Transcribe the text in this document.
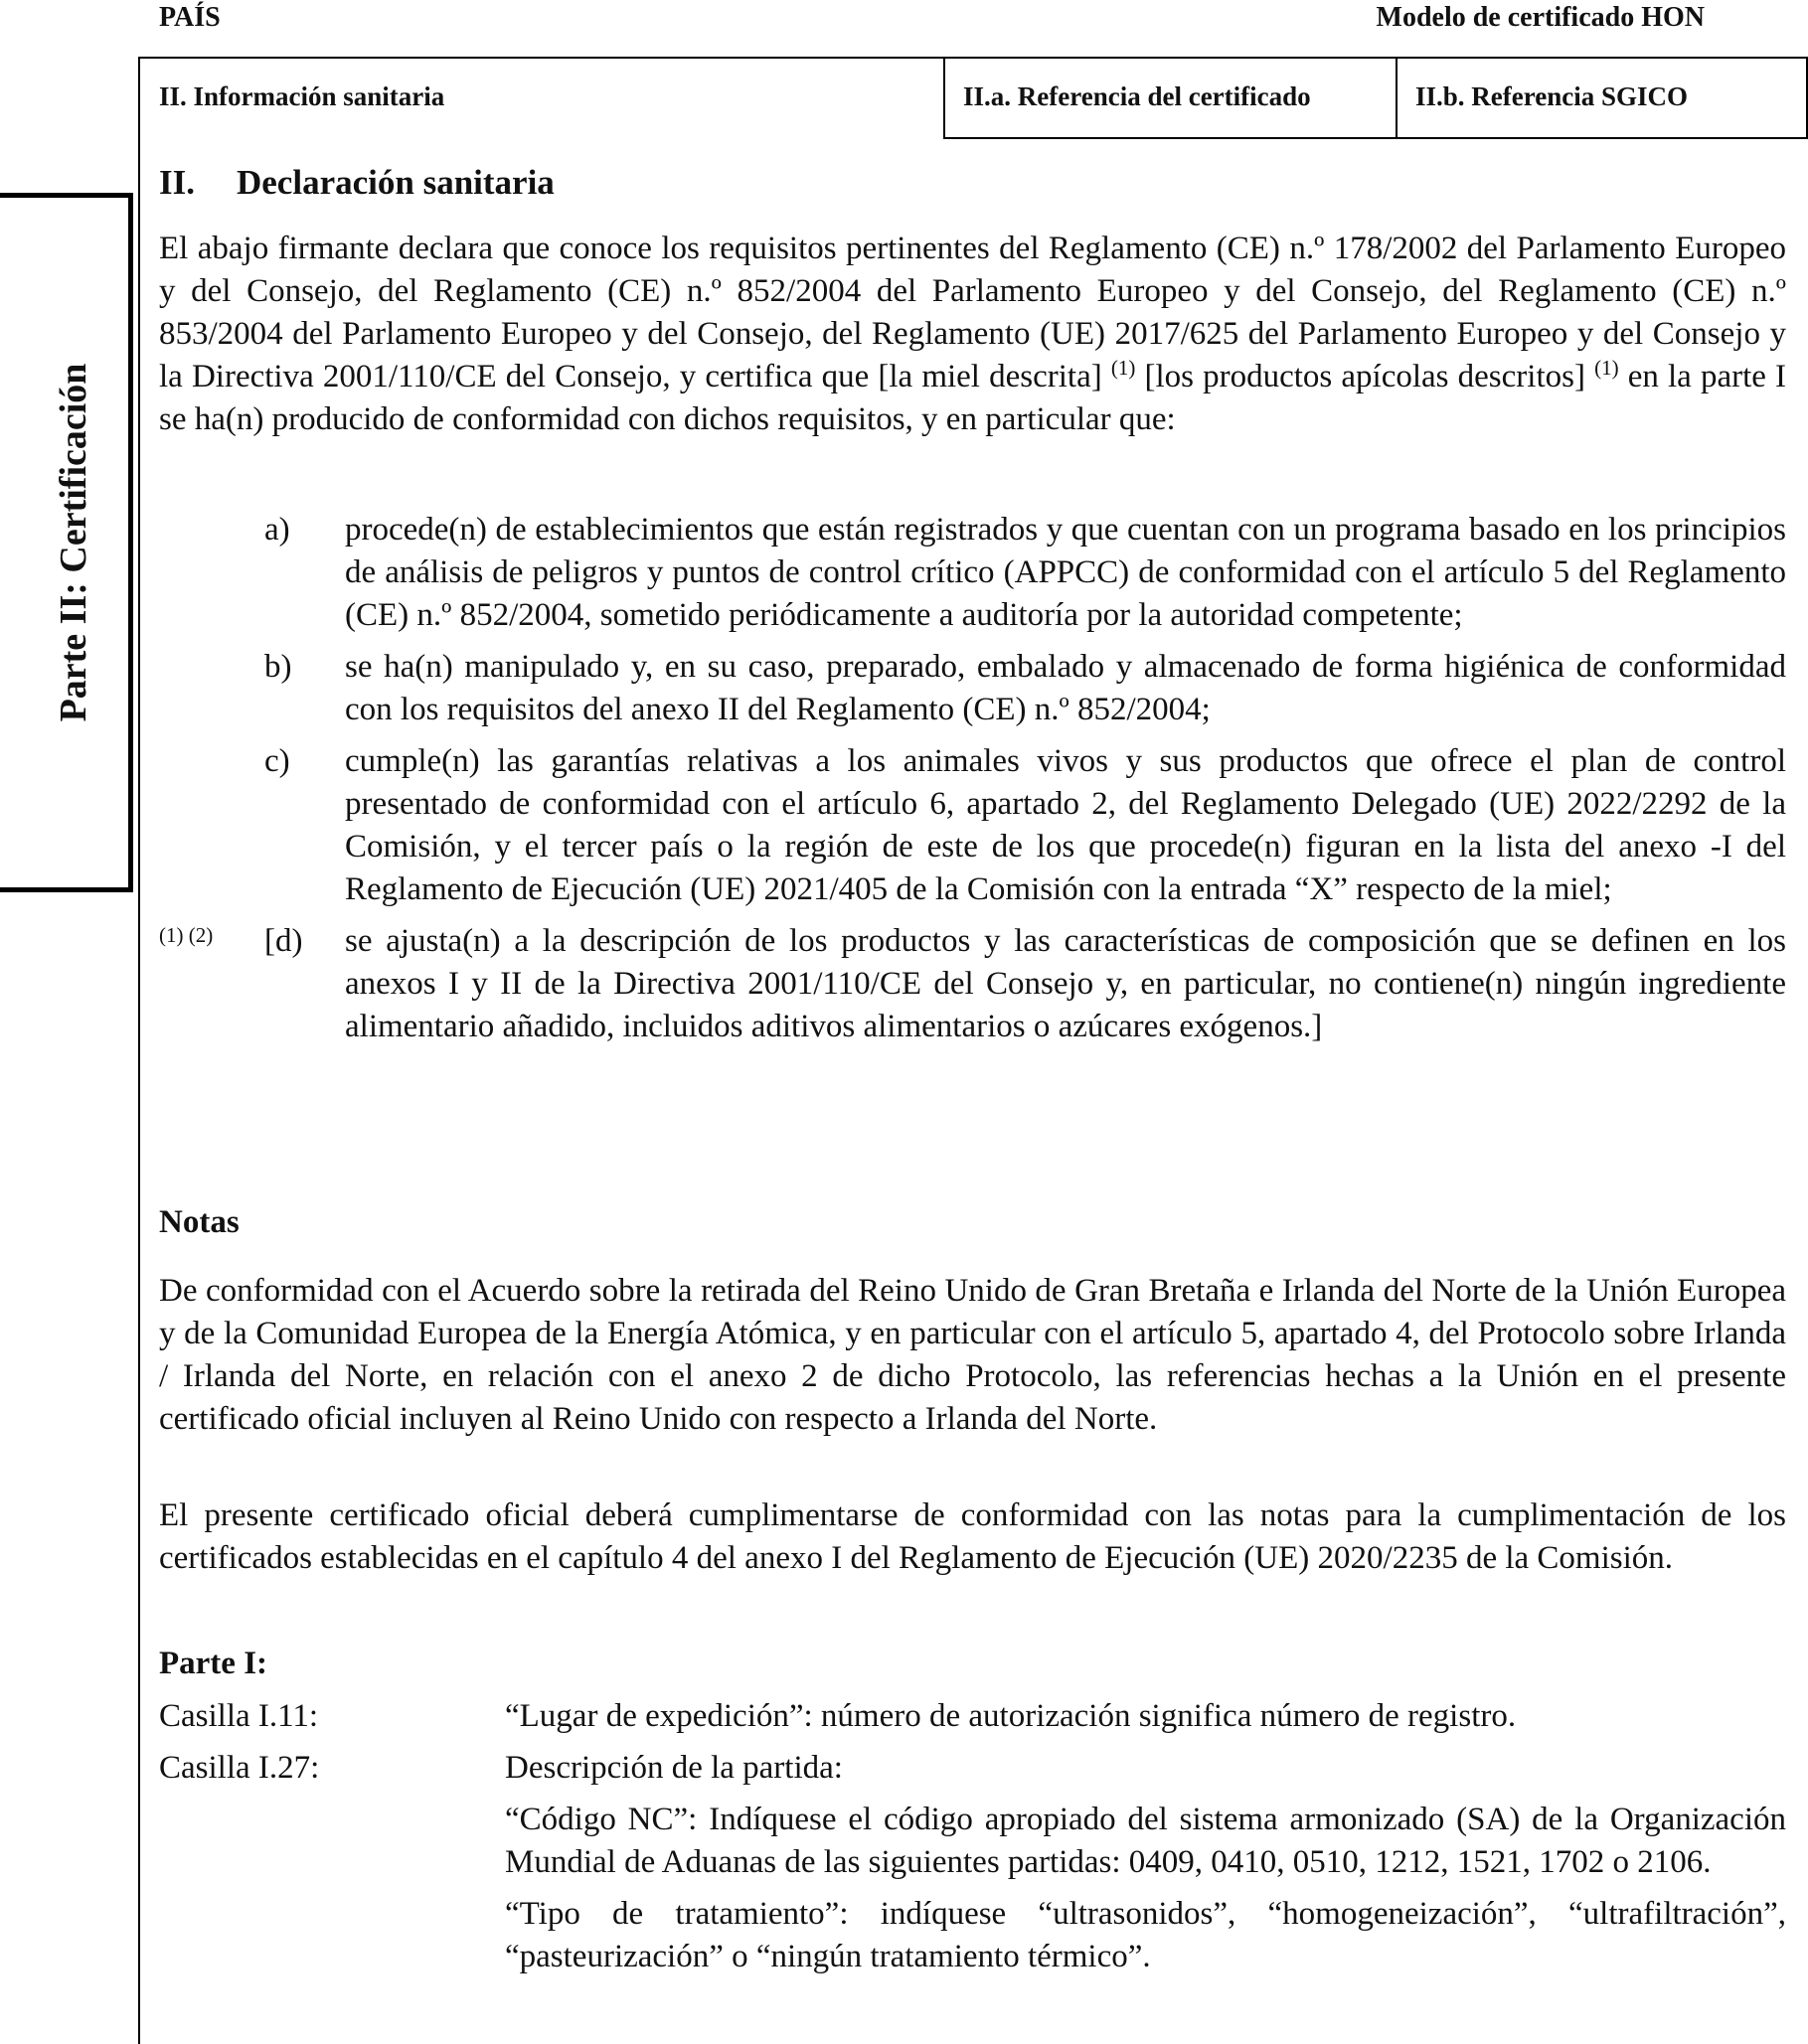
PAÍS	Modelo de certificado HON
II. Información sanitaria	II.a. Referencia del certificado	II.b. Referencia SGICO
Parte II: Certificación
II. Declaración sanitaria
El abajo firmante declara que conoce los requisitos pertinentes del Reglamento (CE) n.º 178/2002 del Parlamento Europeo y del Consejo, del Reglamento (CE) n.º 852/2004 del Parlamento Europeo y del Consejo, del Reglamento (CE) n.º 853/2004 del Parlamento Europeo y del Consejo, del Reglamento (UE) 2017/625 del Parlamento Europeo y del Consejo y la Directiva 2001/110/CE del Consejo, y certifica que [la miel descrita] $^{(1)}$ [los productos apícolas descritos] $^{(1)}$ en la parte I se ha(n) producido de conformidad con dichos requisitos, y en particular que:
a)	procede(n) de establecimientos que están registrados y que cuentan con un programa basado en los principios de análisis de peligros y puntos de control crítico (APPCC) de conformidad con el artículo 5 del Reglamento (CE) n.º 852/2004, sometido periódicamente a auditoría por la autoridad competente;
b)	se ha(n) manipulado y, en su caso, preparado, embalado y almacenado de forma higiénica de conformidad con los requisitos del anexo II del Reglamento (CE) n.º 852/2004;
c)	cumple(n) las garantías relativas a los animales vivos y sus productos que ofrece el plan de control presentado de conformidad con el artículo 6, apartado 2, del Reglamento Delegado (UE) 2022/2292 de la Comisión, y el tercer país o la región de este de los que procede(n) figuran en la lista del anexo -I del Reglamento de Ejecución (UE) 2021/405 de la Comisión con la entrada “X” respecto de la miel;
(1) (2)	[d)	se ajusta(n) a la descripción de los productos y las características de composición que se definen en los anexos I y II de la Directiva 2001/110/CE del Consejo y, en particular, no contiene(n) ningún ingrediente alimentario añadido, incluidos aditivos alimentarios o azúcares exógenos.]
Notas
De conformidad con el Acuerdo sobre la retirada del Reino Unido de Gran Bretaña e Irlanda del Norte de la Unión Europea y de la Comunidad Europea de la Energía Atómica, y en particular con el artículo 5, apartado 4, del Protocolo sobre Irlanda / Irlanda del Norte, en relación con el anexo 2 de dicho Protocolo, las referencias hechas a la Unión en el presente certificado oficial incluyen al Reino Unido con respecto a Irlanda del Norte.
El presente certificado oficial deberá cumplimentarse de conformidad con las notas para la cumplimentación de los certificados establecidas en el capítulo 4 del anexo I del Reglamento de Ejecución (UE) 2020/2235 de la Comisión.
Parte I:
Casilla I.11:	“Lugar de expedición”: número de autorización significa número de registro.
Casilla I.27:	Descripción de la partida:
“Código NC”: Indíquese el código apropiado del sistema armonizado (SA) de la Organización Mundial de Aduanas de las siguientes partidas: 0409, 0410, 0510, 1212, 1521, 1702 o 2106.
“Tipo de tratamiento”: indíquese “ultrasonidos”, “homogeneización”, “ultrafiltración”, “pasteurización” o “ningún tratamiento térmico”.
